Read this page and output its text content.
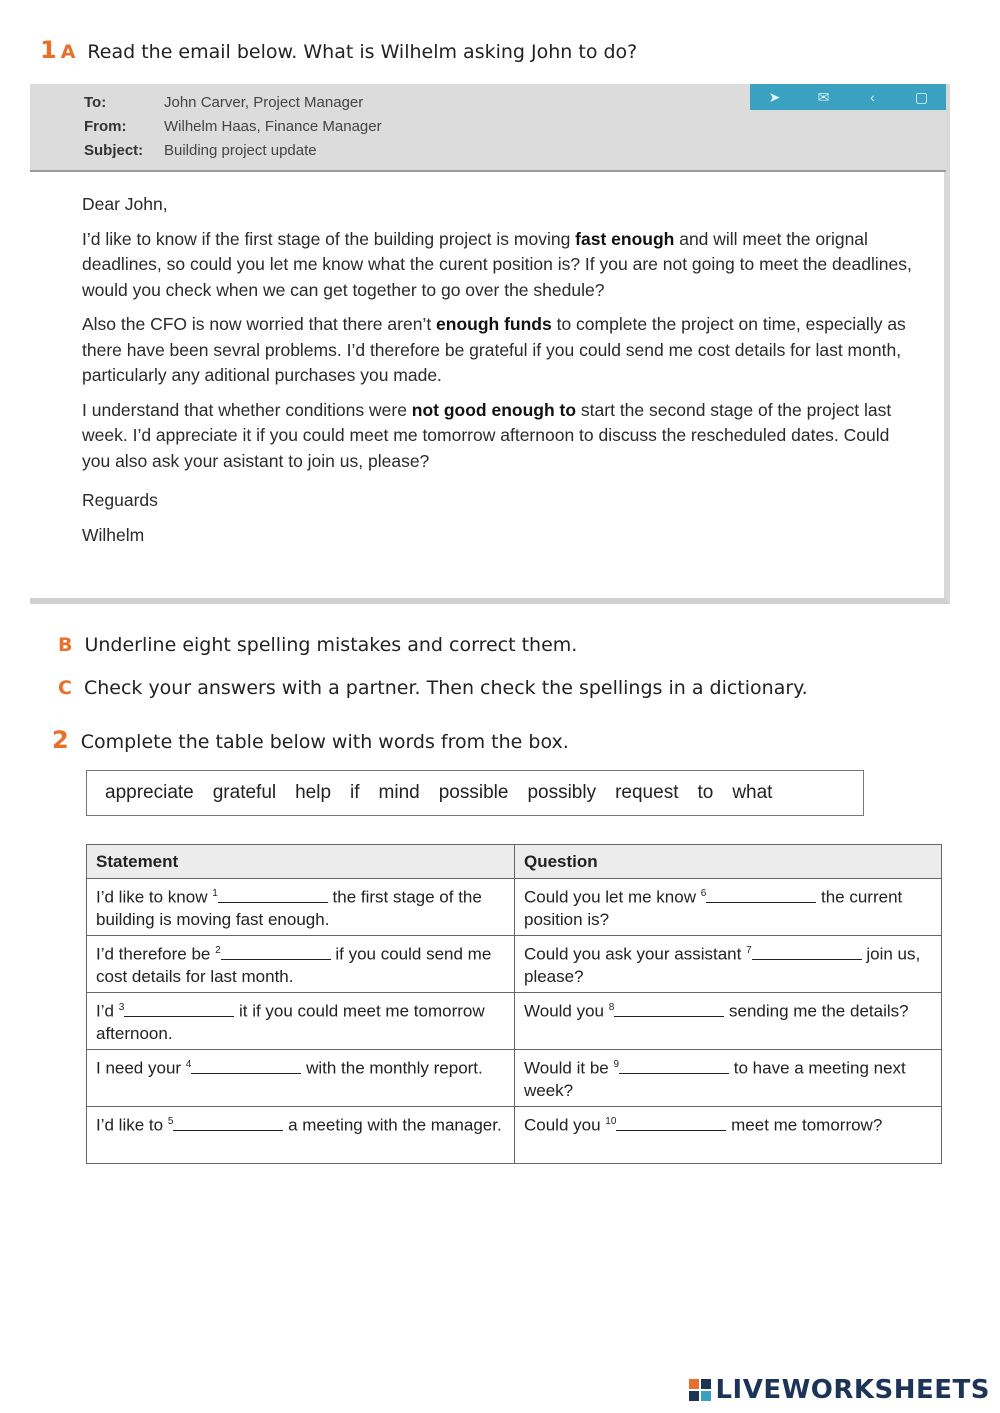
1 A Read the email below. What is Wilhelm asking John to do?
To:	John Carver, Project Manager
From:	Wilhelm Haas, Finance Manager
Subject:	Building project update
➤	✉	‹	▢

Dear John,

I’d like to know if the first stage of the building project is moving fast enough and will meet the orignal deadlines, so could you let me know what the curent position is? If you are not going to meet the deadlines, would you check when we can get together to go over the shedule?

Also the CFO is now worried that there aren’t enough funds to complete the project on time, especially as there have been sevral problems. I’d therefore be grateful if you could send me cost details for last month, particularly any aditional purchases you made.

I understand that whether conditions were not good enough to start the second stage of the project last week. I’d appreciate it if you could meet me tomorrow afternoon to discuss the rescheduled dates. Could you also ask your asistant to join us, please?

Reguards

Wilhelm

B Underline eight spelling mistakes and correct them.
C Check your answers with a partner. Then check the spellings in a dictionary.
2 Complete the table below with words from the box.
appreciate grateful help if mind possible possibly request to what
Statement	Question
I’d like to know $^1$ the first stage of the building is moving fast enough.	Could you let me know $^6$ the current position is?
I’d therefore be $^2$ if you could send me cost details for last month.	Could you ask your assistant $^7$ join us, please?
I’d $^3$ it if you could meet me tomorrow afternoon.	Would you $^8$ sending me the details?
I need your $^4$ with the monthly report.	Would it be $^9$ to have a meeting next week?
I’d like to $^5$ a meeting with the manager.	Could you $^{10}$ meet me tomorrow?
LIVEWORKSHEETS
